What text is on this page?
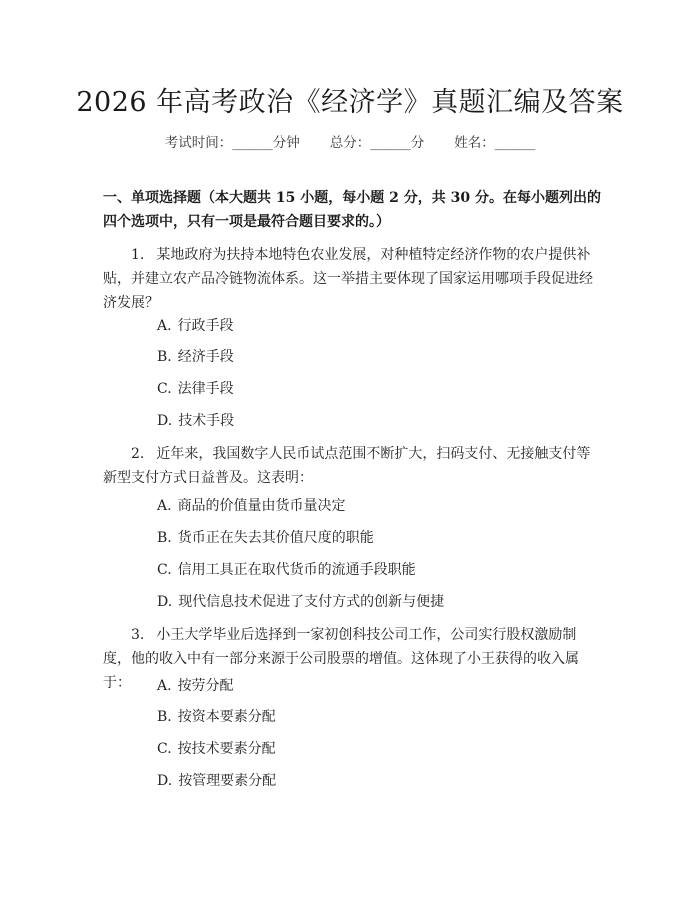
2026 年高考政治《经济学》真题汇编及答案
考试时间：______分钟 总分：______分 姓名：______
一、单项选择题（本大题共 15 小题，每小题 2 分，共 30 分。在每小题列出的四个选项中，只有一项是最符合题目要求的。）
1. 某地政府为扶持本地特色农业发展，对种植特定经济作物的农户提供补贴，并建立农产品冷链物流体系。这一举措主要体现了国家运用哪项手段促进经济发展？
A. 行政手段
B. 经济手段
C. 法律手段
D. 技术手段
2. 近年来，我国数字人民币试点范围不断扩大，扫码支付、无接触支付等新型支付方式日益普及。这表明：
A. 商品的价值量由货币量决定
B. 货币正在失去其价值尺度的职能
C. 信用工具正在取代货币的流通手段职能
D. 现代信息技术促进了支付方式的创新与便捷
3. 小王大学毕业后选择到一家初创科技公司工作，公司实行股权激励制度，他的收入中有一部分来源于公司股票的增值。这体现了小王获得的收入属于：	A. 按劳分配
B. 按资本要素分配
C. 按技术要素分配
D. 按管理要素分配
